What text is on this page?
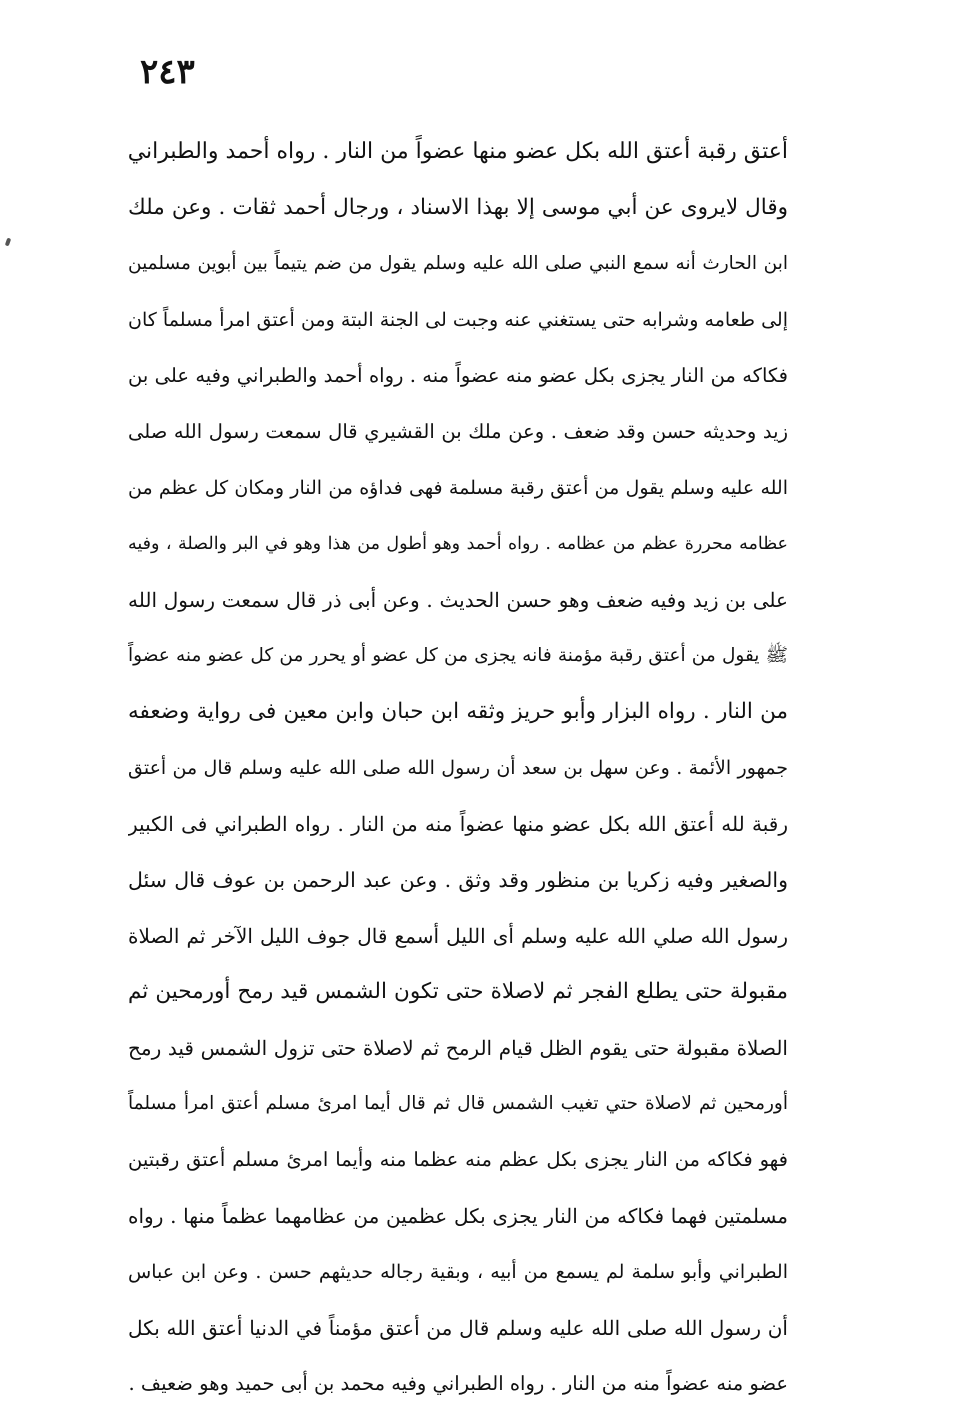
٢٤٣
أعتق رقبة أعتق الله بكل عضو منها عضواً من النار . رواه أحمد والطبراني
وقال لايروى عن أبي موسى إلا بهذا الاسناد ، ورجال أحمد ثقات . وعن ملك
ابن الحارث أنه سمع النبي صلى الله عليه وسلم يقول من ضم يتيماً بين أبوين مسلمين
إلى طعامه وشرابه حتى يستغني عنه وجبت لى الجنة البتة ومن أعتق امرأ مسلماً كان
فكاكه من النار يجزى بكل عضو منه عضواً منه . رواه أحمد والطبراني وفيه على بن
زيد وحديثه حسن وقد ضعف . وعن ملك بن القشيري قال سمعت رسول الله صلى
الله عليه وسلم يقول من أعتق رقبة مسلمة فهى فداؤه من النار ومكان كل عظم من
عظامه محررة عظم من عظامه . رواه أحمد وهو أطول من هذا وهو في البر والصلة ، وفيه
على بن زيد وفيه ضعف وهو حسن الحديث . وعن أبى ذر قال سمعت رسول الله
ﷺ يقول من أعتق رقبة مؤمنة فانه يجزى من كل عضو أو يحرر من كل عضو منه عضواً
من النار . رواه البزار وأبو حريز وثقه ابن حبان وابن معين فى رواية وضعفه
جمهور الأئمة . وعن سهل بن سعد أن رسول الله صلى الله عليه وسلم قال من أعتق
رقبة لله أعتق الله بكل عضو منها عضواً منه من النار . رواه الطبراني فى الكبير
والصغير وفيه زكريا بن منظور وقد وثق . وعن عبد الرحمن بن عوف قال سئل
رسول الله صلي الله عليه وسلم أى الليل أسمع قال جوف الليل الآخر ثم الصلاة
مقبولة حتى يطلع الفجر ثم لاصلاة حتى تكون الشمس قيد رمح أورمحين ثم
الصلاة مقبولة حتى يقوم الظل قيام الرمح ثم لاصلاة حتى تزول الشمس قيد رمح
أورمحين ثم لاصلاة حتي تغيب الشمس قال ثم قال أيما امرئ مسلم أعتق امرأ مسلماً
فهو فكاكه من النار يجزى بكل عظم منه عظما منه وأيما امرئ مسلم أعتق رقبتين
مسلمتين فهما فكاكه من النار يجزى بكل عظمين من عظامهما عظماً منها . رواه
الطبراني وأبو سلمة لم يسمع من أبيه ، وبقية رجاله حديثهم حسن . وعن ابن عباس
أن رسول الله صلى الله عليه وسلم قال من أعتق مؤمناً في الدنيا أعتق الله بكل
عضو منه عضواً منه من النار . رواه الطبراني وفيه محمد بن أبى حميد وهو ضعيف .
